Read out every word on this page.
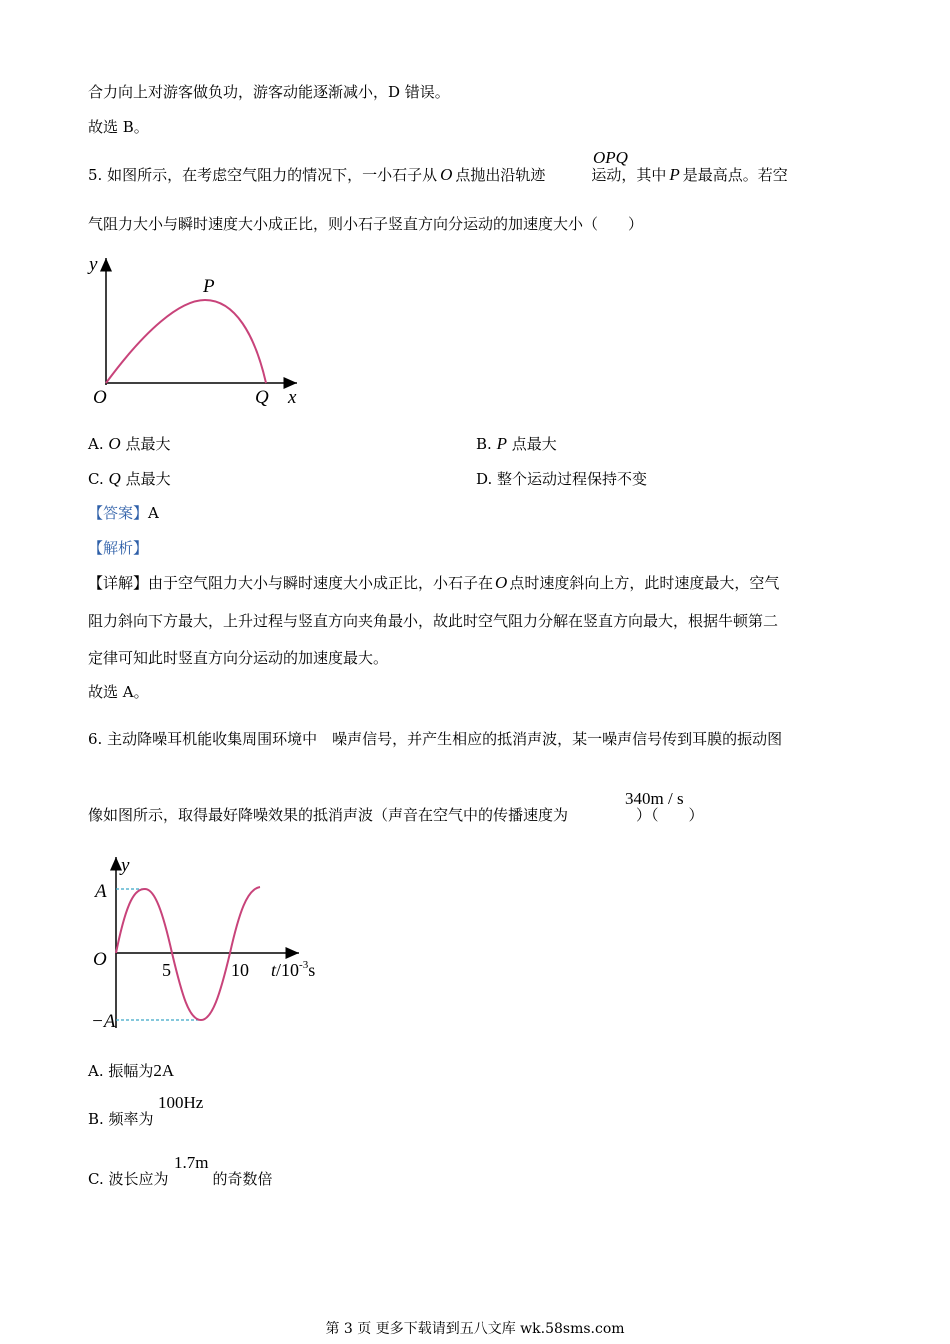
合力向上对游客做负功，游客动能逐渐减小，D 错误。
故选 B。
OPQ
5. 如图所示，在考虑空气阻力的情况下，一小石子从 O 点抛出沿轨迹	运动，其中 P 是最高点。若空
气阻力大小与瞬时速度大小成正比，则小石子竖直方向分运动的加速度大小（　　）
y
P
O	Q x
A. O 点最大	B. P 点最大
C. Q 点最大	D. 整个运动过程保持不变
【答案】A
【解析】
【详解】由于空气阻力大小与瞬时速度大小成正比，小石子在 O 点时速度斜向上方，此时速度最大，空气
阻力斜向下方最大，上升过程与竖直方向夹角最小，故此时空气阻力分解在竖直方向最大，根据牛顿第二
定律可知此时竖直方向分运动的加速度最大。
故选 A。
6. 主动降噪耳机能收集周围环境中　噪声信号，并产生相应的抵消声波，某一噪声信号传到耳膜的振动图
340m / s
像如图所示，取得最好降噪效果的抵消声波（声音在空气中的传播速度为	）（　　）
y
A
−A
O	5	10 $t/10^{-3}s$
A. 振幅为2A
100Hz
B. 频率为
1.7m
C. 波长应为	的奇数倍
第 3 页 更多下载请到五八文库 wk.58sms.com
